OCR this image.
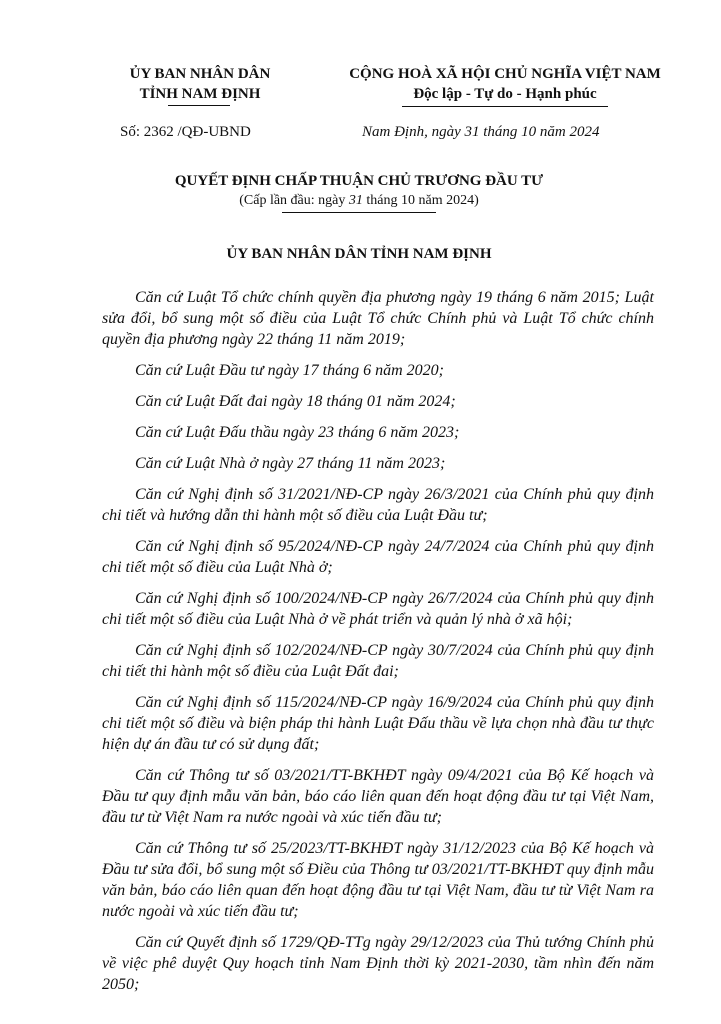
ỦY BAN NHÂN DÂN
TỈNH NAM ĐỊNH
CỘNG HOÀ XÃ HỘI CHỦ NGHĨA VIỆT NAM
Độc lập - Tự do - Hạnh phúc
Số: 2362 /QĐ-UBND	Nam Định, ngày 31 tháng 10 năm 2024
QUYẾT ĐỊNH CHẤP THUẬN CHỦ TRƯƠNG ĐẦU TƯ
(Cấp lần đầu: ngày 31 tháng 10 năm 2024)
ỦY BAN NHÂN DÂN TỈNH NAM ĐỊNH

Căn cứ Luật Tổ chức chính quyền địa phương ngày 19 tháng 6 năm 2015; Luật sửa đổi, bổ sung một số điều của Luật Tổ chức Chính phủ và Luật Tổ chức chính quyền địa phương ngày 22 tháng 11 năm 2019;

Căn cứ Luật Đầu tư ngày 17 tháng 6 năm 2020;

Căn cứ Luật Đất đai ngày 18 tháng 01 năm 2024;

Căn cứ Luật Đấu thầu ngày 23 tháng 6 năm 2023;

Căn cứ Luật Nhà ở ngày 27 tháng 11 năm 2023;

Căn cứ Nghị định số 31/2021/NĐ-CP ngày 26/3/2021 của Chính phủ quy định chi tiết và hướng dẫn thi hành một số điều của Luật Đầu tư;

Căn cứ Nghị định số 95/2024/NĐ-CP ngày 24/7/2024 của Chính phủ quy định chi tiết một số điều của Luật Nhà ở;

Căn cứ Nghị định số 100/2024/NĐ-CP ngày 26/7/2024 của Chính phủ quy định chi tiết một số điều của Luật Nhà ở về phát triển và quản lý nhà ở xã hội;

Căn cứ Nghị định số 102/2024/NĐ-CP ngày 30/7/2024 của Chính phủ quy định chi tiết thi hành một số điều của Luật Đất đai;

Căn cứ Nghị định số 115/2024/NĐ-CP ngày 16/9/2024 của Chính phủ quy định chi tiết một số điều và biện pháp thi hành Luật Đấu thầu về lựa chọn nhà đầu tư thực hiện dự án đầu tư có sử dụng đất;

Căn cứ Thông tư số 03/2021/TT-BKHĐT ngày 09/4/2021 của Bộ Kế hoạch và Đầu tư quy định mẫu văn bản, báo cáo liên quan đến hoạt động đầu tư tại Việt Nam, đầu tư từ Việt Nam ra nước ngoài và xúc tiến đầu tư;

Căn cứ Thông tư số 25/2023/TT-BKHĐT ngày 31/12/2023 của Bộ Kế hoạch và Đầu tư sửa đổi, bổ sung một số Điều của Thông tư 03/2021/TT-BKHĐT quy định mẫu văn bản, báo cáo liên quan đến hoạt động đầu tư tại Việt Nam, đầu tư từ Việt Nam ra nước ngoài và xúc tiến đầu tư;

Căn cứ Quyết định số 1729/QĐ-TTg ngày 29/12/2023 của Thủ tướng Chính phủ về việc phê duyệt Quy hoạch tỉnh Nam Định thời kỳ 2021-2030, tầm nhìn đến năm 2050;
